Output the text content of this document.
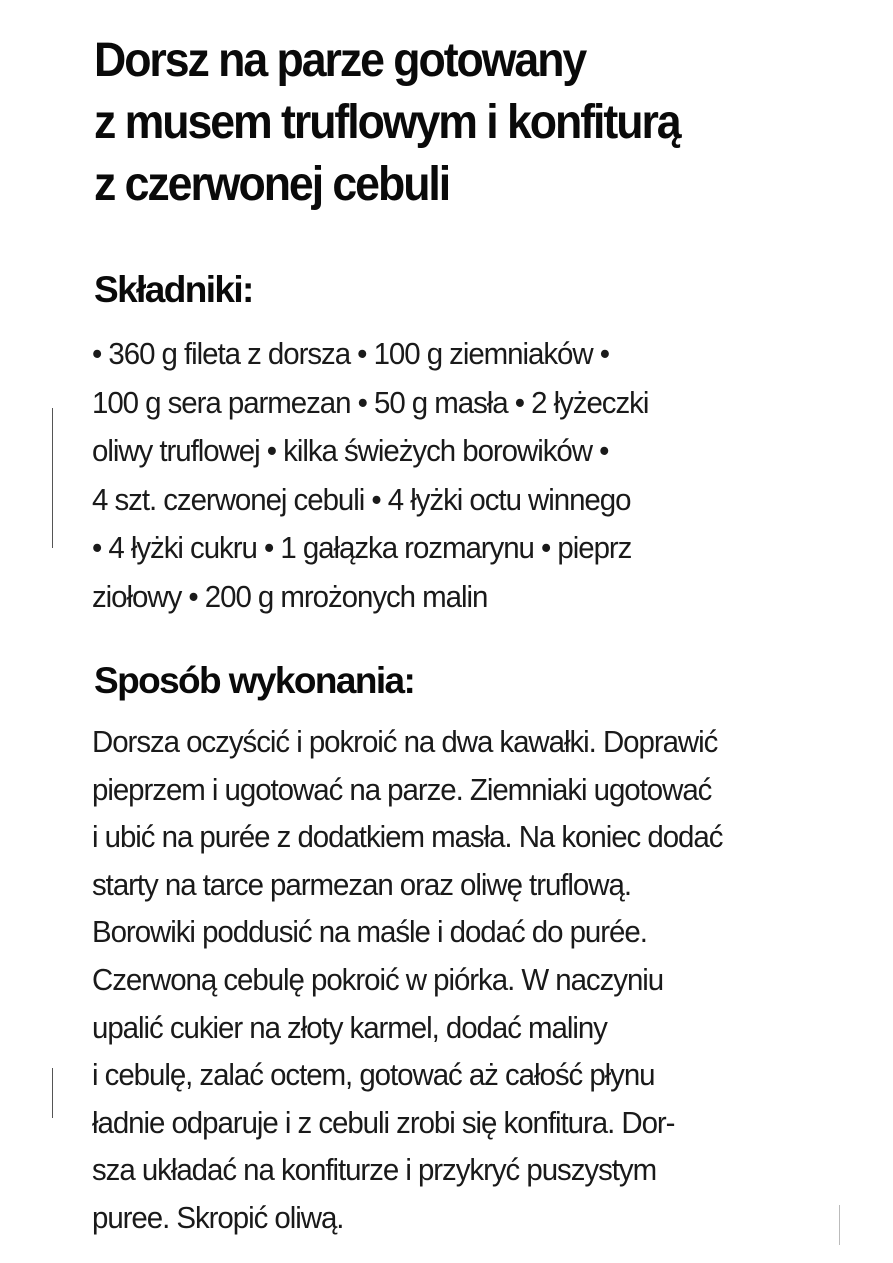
Dorsz na parze gotowany
z musem truflowym i konfiturą
z czerwonej cebuli
Składniki:
• 360 g fileta z dorsza • 100 g ziemniaków •
100 g sera parmezan • 50 g masła • 2 łyżeczki
oliwy truflowej • kilka świeżych borowików •
4 szt. czerwonej cebuli • 4 łyżki octu winnego
• 4 łyżki cukru • 1 gałązka rozmarynu • pieprz
ziołowy • 200 g mrożonych malin
Sposób wykonania:
Dorsza oczyścić i pokroić na dwa kawałki. Doprawić
pieprzem i ugotować na parze. Ziemniaki ugotować
i ubić na purée z dodatkiem masła. Na koniec dodać
starty na tarce parmezan oraz oliwę truflową.
Borowiki poddusić na maśle i dodać do purée.
Czerwoną cebulę pokroić w piórka. W naczyniu
upalić cukier na złoty karmel, dodać maliny
i cebulę, zalać octem, gotować aż całość płynu
ładnie odparuje i z cebuli zrobi się konfitura. Dor-
sza układać na konfiturze i przykryć puszystym
puree. Skropić oliwą.
